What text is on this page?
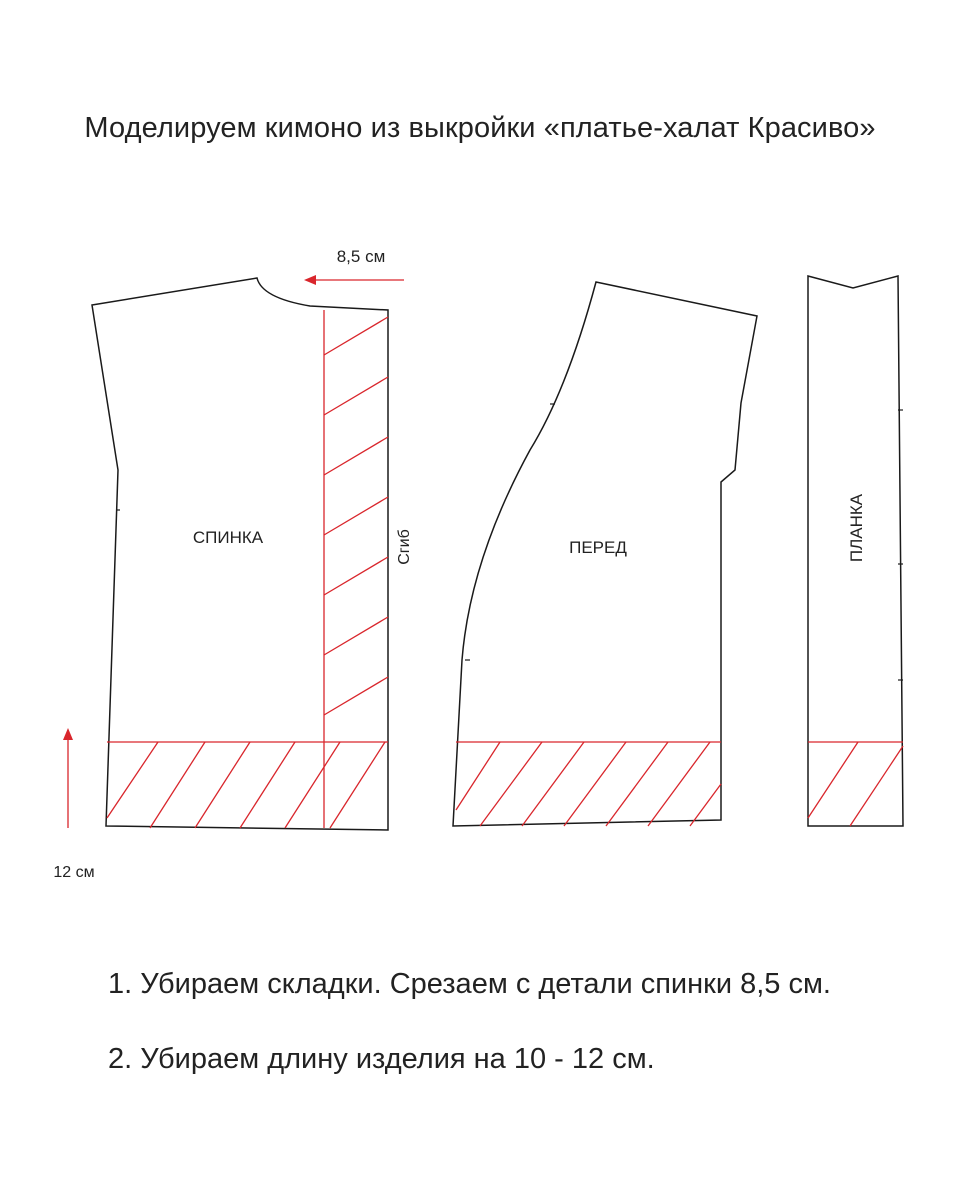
Моделируем кимоно из выкройки «платье-халат Красиво»
СПИНКА
ПЕРЕД	ПЛАНКА
Сгиб
8,5 см
12 см
1. Убираем складки. Срезаем с детали спинки 8,5 см.
2. Убираем длину изделия на 10 - 12 см.
